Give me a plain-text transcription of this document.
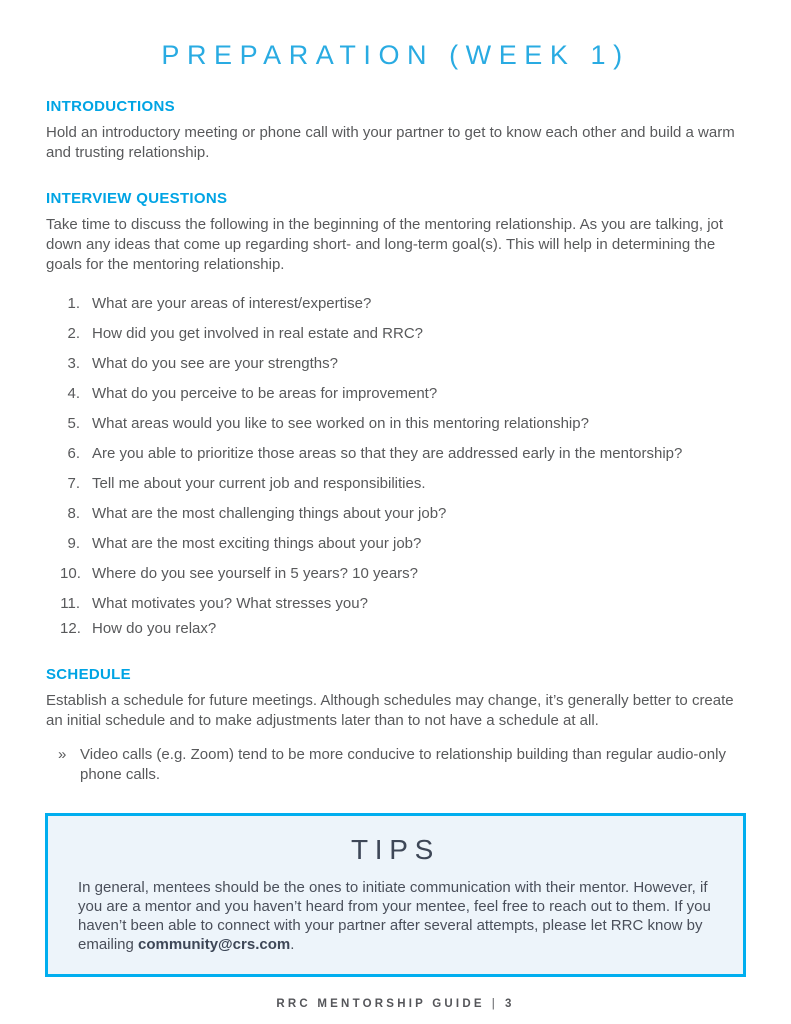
PREPARATION (WEEK 1)
INTRODUCTIONS

Hold an introductory meeting or phone call with your partner to get to know each other and build a warm and trusting relationship.

INTERVIEW QUESTIONS

Take time to discuss the following in the beginning of the mentoring relationship. As you are talking, jot down any ideas that come up regarding short- and long-term goal(s). This will help in determining the goals for the mentoring relationship.

What are your areas of interest/expertise?
How did you get involved in real estate and RRC?
What do you see are your strengths?
What do you perceive to be areas for improvement?
What areas would you like to see worked on in this mentoring relationship?
Are you able to prioritize those areas so that they are addressed early in the mentorship?
Tell me about your current job and responsibilities.
What are the most challenging things about your job?
What are the most exciting things about your job?
Where do you see yourself in 5 years? 10 years?
What motivates you? What stresses you?
How do you relax?
SCHEDULE

Establish a schedule for future meetings. Although schedules may change, it’s generally better to create an initial schedule and to make adjustments later than to not have a schedule at all.

» Video calls (e.g. Zoom) tend to be more conducive to relationship building than regular audio-only phone calls.
TIPS

In general, mentees should be the ones to initiate communication with their mentor. However, if you are a mentor and you haven’t heard from your mentee, feel free to reach out to them. If you haven’t been able to connect with your partner after several attempts, please let RRC know by emailing community@crs.com.

RRC MENTORSHIP GUIDE | 3
